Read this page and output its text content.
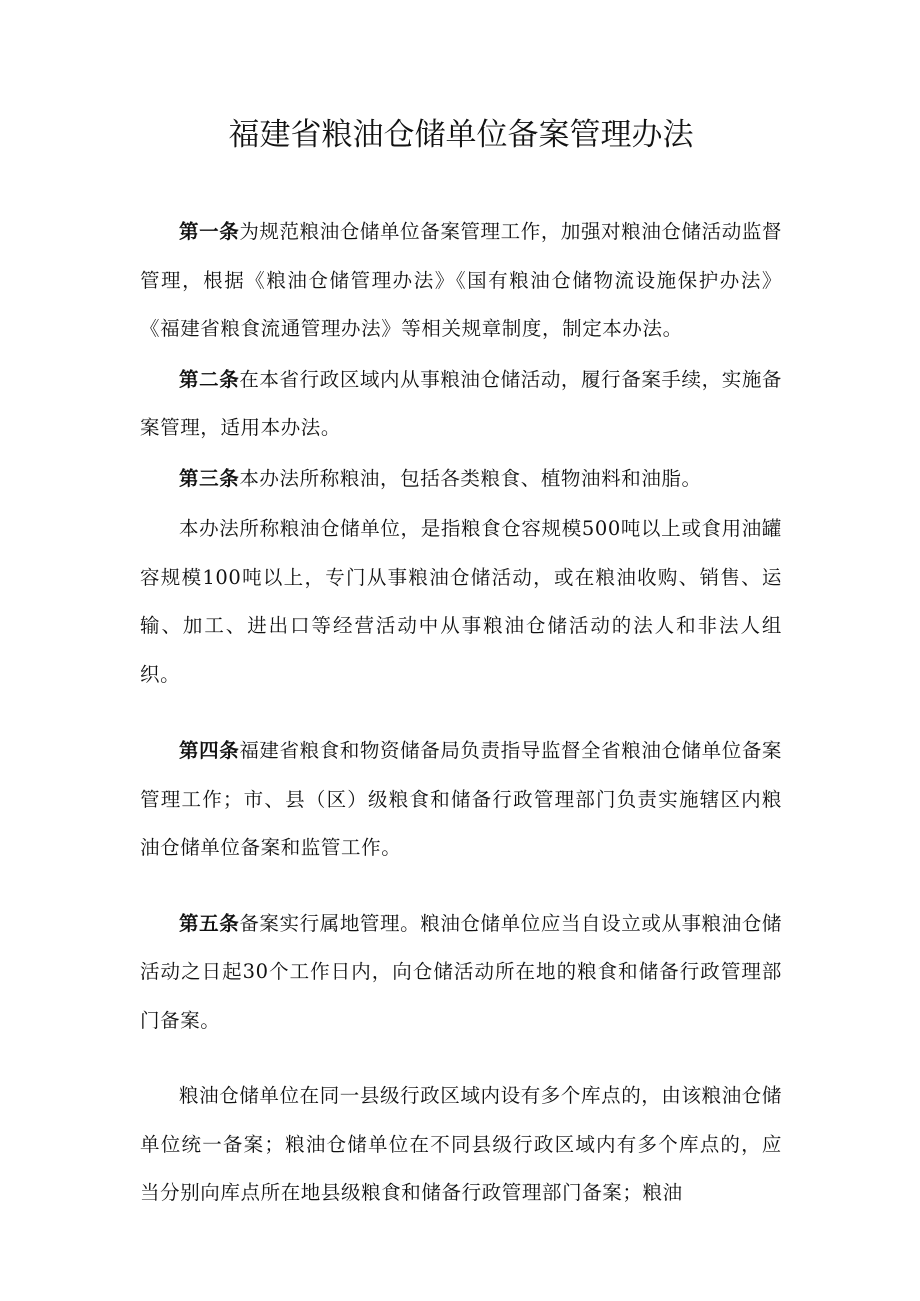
福建省粮油仓储单位备案管理办法

第一条为规范粮油仓储单位备案管理工作，加强对粮油仓储活动监督管理，根据《粮油仓储管理办法》《国有粮油仓储物流设施保护办法》《福建省粮食流通管理办法》等相关规章制度，制定本办法。

第二条在本省行政区域内从事粮油仓储活动，履行备案手续，实施备案管理，适用本办法。

第三条本办法所称粮油，包括各类粮食、植物油料和油脂。

本办法所称粮油仓储单位，是指粮食仓容规模500吨以上或食用油罐容规模100吨以上，专门从事粮油仓储活动，或在粮油收购、销售、运输、加工、进出口等经营活动中从事粮油仓储活动的法人和非法人组织。

第四条福建省粮食和物资储备局负责指导监督全省粮油仓储单位备案管理工作；市、县（区）级粮食和储备行政管理部门负责实施辖区内粮油仓储单位备案和监管工作。

第五条备案实行属地管理。粮油仓储单位应当自设立或从事粮油仓储活动之日起30个工作日内，向仓储活动所在地的粮食和储备行政管理部门备案。

粮油仓储单位在同一县级行政区域内设有多个库点的，由该粮油仓储单位统一备案；粮油仓储单位在不同县级行政区域内有多个库点的，应当分别向库点所在地县级粮食和储备行政管理部门备案；粮油
